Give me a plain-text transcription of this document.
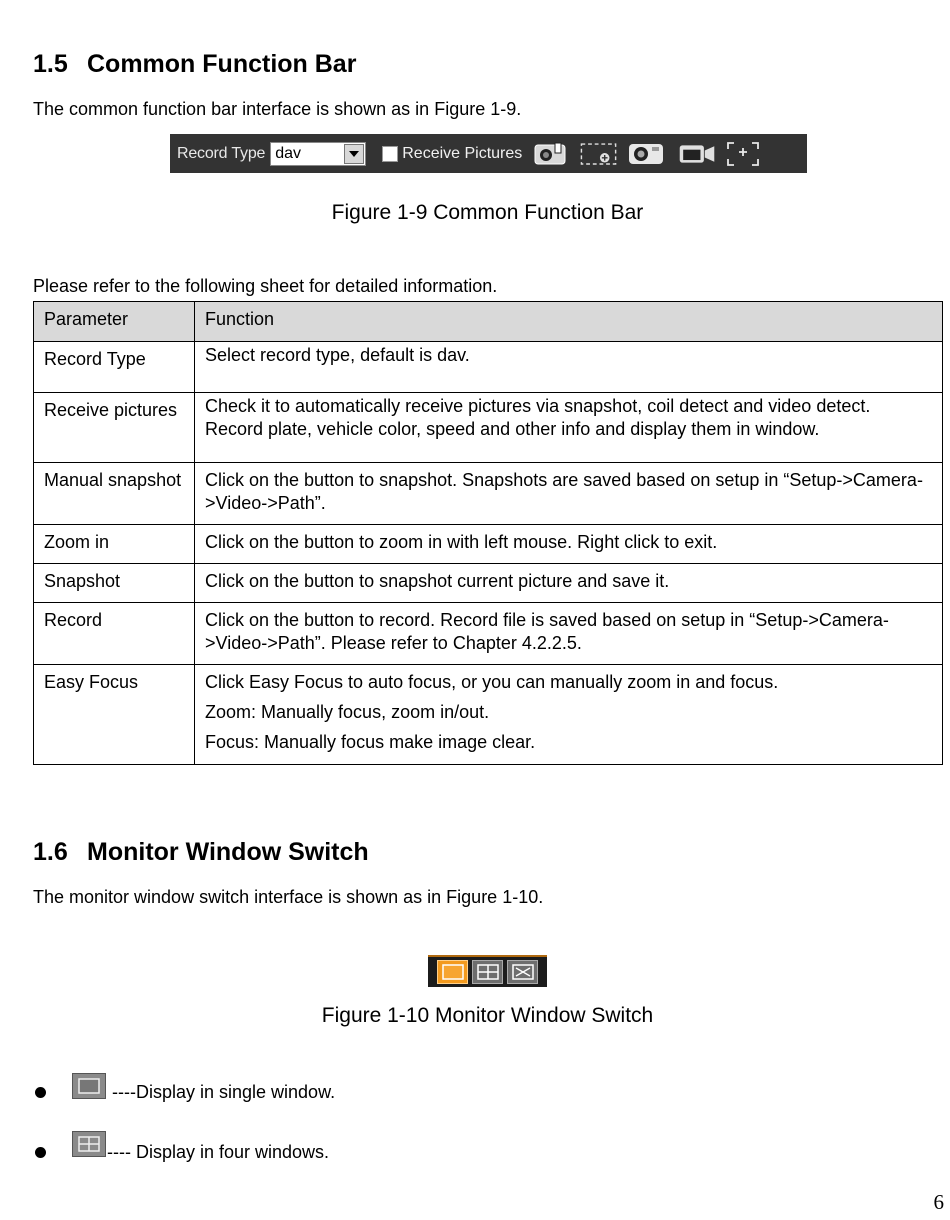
1.5 Common Function Bar

The common function bar interface is shown as in Figure 1-9.

Record Type dav	Receive Pictures

Figure 1-9 Common Function Bar

Please refer to the following sheet for detailed information.

Parameter	Function
Record Type	Select record type, default is dav.
Receive pictures	Check it to automatically receive pictures via snapshot, coil detect and video detect. Record plate, vehicle color, speed and other info and display them in window.
Manual snapshot	Click on the button to snapshot. Snapshots are saved based on setup in “Setup->Camera->Video->Path”.
Zoom in	Click on the button to zoom in with left mouse. Right click to exit.
Snapshot	Click on the button to snapshot current picture and save it.
Record	Click on the button to record. Record file is saved based on setup in “Setup->Camera->Video->Path”. Please refer to Chapter 4.2.2.5.
Easy Focus	Click Easy Focus to auto focus, or you can manually zoom in and focus.
Zoom: Manually focus, zoom in/out.
Focus: Manually focus make image clear.
1.6 Monitor Window Switch

The monitor window switch interface is shown as in Figure 1-10.

Figure 1-10 Monitor Window Switch

----Display in single window.

---- Display in four windows.

6
